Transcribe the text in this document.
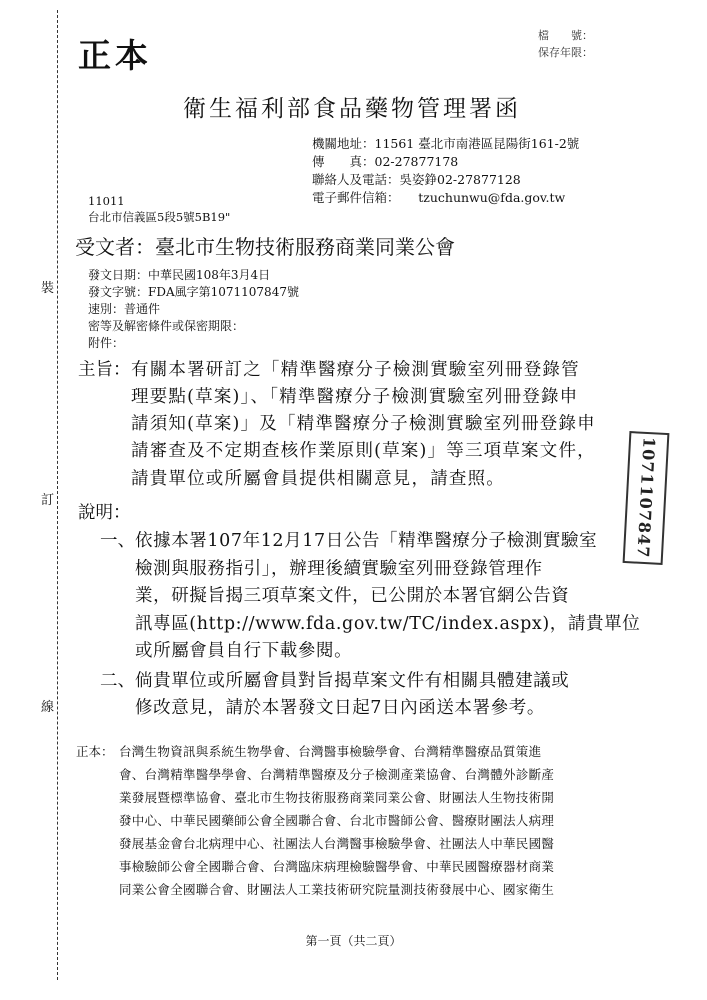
裝
訂
線
正本
檔　　號：
保存年限：
衛生福利部食品藥物管理署 函
機關地址：11561 臺北市南港區昆陽街161-2號
傳　　真：02-27877178
聯絡人及電話：吳姿錚02-27877128
電子郵件信箱：　　tzuchunwu@fda.gov.tw
11011
台北市信義區5段5號5B19"
受文者：臺北市生物技術服務商業同業公會
發文日期：中華民國108年3月4日
發文字號：FDA風字第1071107847號
速別：普通件
密等及解密條件或保密期限：
附件：
主旨： 有關本署研訂之「精準醫療分子檢測實驗室列冊登錄管
理要點(草案)」、「精準醫療分子檢測實驗室列冊登錄申
請須知(草案)」及「精準醫療分子檢測實驗室列冊登錄申
請審查及不定期查核作業原則(草案)」等三項草案文件，
請貴單位或所屬會員提供相關意見，請查照。
說明：
一、 依據本署107年12月17日公告「精準醫療分子檢測實驗室
檢測與服務指引」，辦理後續實驗室列冊登錄管理作
業，研擬旨揭三項草案文件，已公開於本署官網公告資
訊專區(http://www.fda.gov.tw/TC/index.aspx)，請貴單位
或所屬會員自行下載參閱。
二、 倘貴單位或所屬會員對旨揭草案文件有相關具體建議或
修改意見，請於本署發文日起7日內函送本署參考。
正本： 台灣生物資訊與系統生物學會、台灣醫事檢驗學會、台灣精準醫療品質策進
會、台灣精準醫學學會、台灣精準醫療及分子檢測產業協會、台灣體外診斷產
業發展暨標準協會、臺北市生物技術服務商業同業公會、財團法人生物技術開
發中心、中華民國藥師公會全國聯合會、台北市醫師公會、醫療財團法人病理
發展基金會台北病理中心、社團法人台灣醫事檢驗學會、社團法人中華民國醫
事檢驗師公會全國聯合會、台灣臨床病理檢驗醫學會、中華民國醫療器材商業
同業公會全國聯合會、財團法人工業技術研究院量測技術發展中心、國家衛生
1071107847
第一頁（共二頁）
